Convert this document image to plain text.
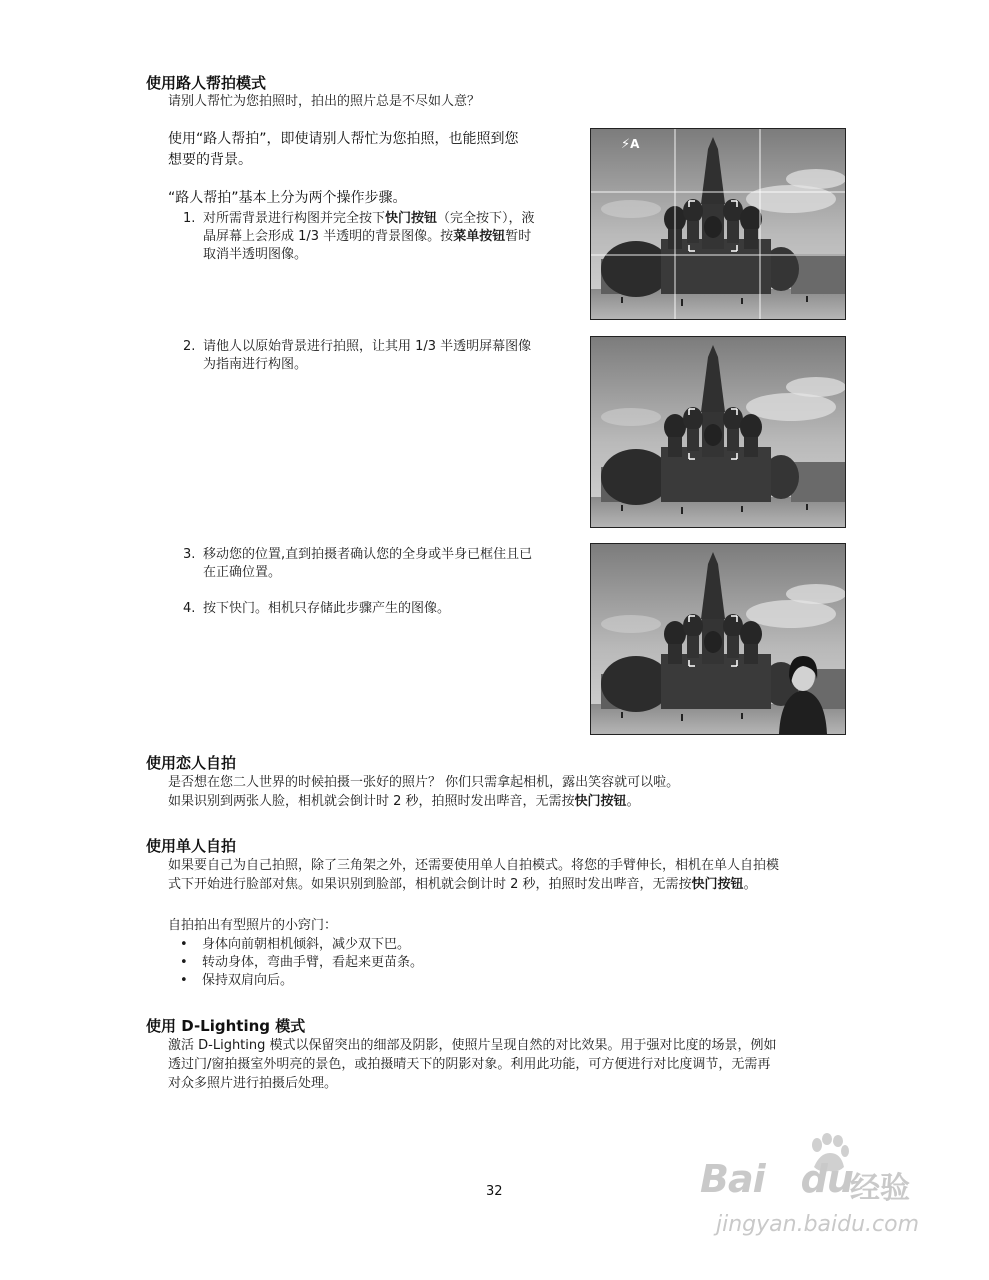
使用路人帮拍模式
请别人帮忙为您拍照时，拍出的照片总是不尽如人意？
使用“路人帮拍”，即使请别人帮忙为您拍照，也能照到您
想要的背景。
“路人帮拍”基本上分为两个操作步骤。
1. 对所需背景进行构图并完全按下快门按钮（完全按下），液
晶屏幕上会形成 1/3 半透明的背景图像。按菜单按钮暂时
取消半透明图像。
2. 请他人以原始背景进行拍照，让其用 1/3 半透明屏幕图像
为指南进行构图。
3. 移动您的位置,直到拍摄者确认您的全身或半身已框住且已
在正确位置。
4. 按下快门。相机只存储此步骤产生的图像。
⚡A
使用恋人自拍
是否想在您二人世界的时候拍摄一张好的照片？ 你们只需拿起相机，露出笑容就可以啦。
如果识别到两张人脸，相机就会倒计时 2 秒，拍照时发出哔音，无需按快门按钮。
使用单人自拍
如果要自己为自己拍照，除了三角架之外，还需要使用单人自拍模式。将您的手臂伸长，相机在单人自拍模
式下开始进行脸部对焦。如果识别到脸部，相机就会倒计时 2 秒，拍照时发出哔音，无需按快门按钮。
自拍拍出有型照片的小窍门：
• 身体向前朝相机倾斜，减少双下巴。
• 转动身体，弯曲手臂，看起来更苗条。
• 保持双肩向后。
使用 D-Lighting 模式
激活 D-Lighting 模式以保留突出的细部及阴影，使照片呈现自然的对比效果。用于强对比度的场景，例如
透过门/窗拍摄室外明亮的景色，或拍摄晴天下的阴影对象。利用此功能，可方便进行对比度调节，无需再
对众多照片进行拍摄后处理。
32	Bai du
经验
jingyan.baidu.com
